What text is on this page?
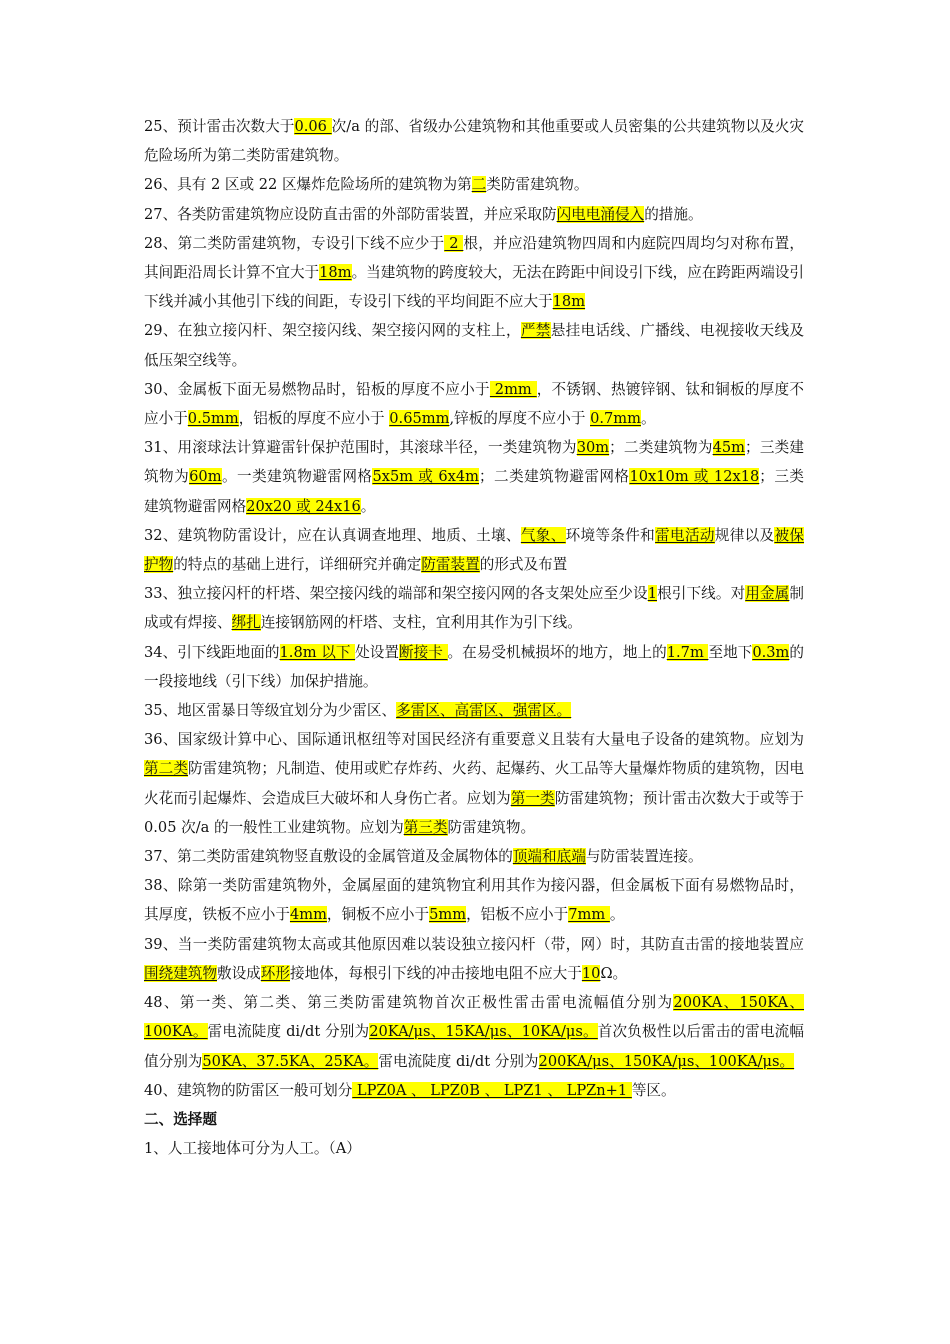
25、预计雷击次数大于0.06 次/a 的部、省级办公建筑物和其他重要或人员密集的公共建筑物以及火灾危险场所为第二类防雷建筑物。

26、具有 2 区或 22 区爆炸危险场所的建筑物为第二类防雷建筑物。

27、各类防雷建筑物应设防直击雷的外部防雷装置，并应采取防闪电电涌侵入的措施。

28、第二类防雷建筑物，专设引下线不应少于 2 根，并应沿建筑物四周和内庭院四周均匀对称布置，其间距沿周长计算不宜大于18m。当建筑物的跨度较大，无法在跨距中间设引下线，应在跨距两端设引下线并减小其他引下线的间距，专设引下线的平均间距不应大于18m

29、在独立接闪杆、架空接闪线、架空接闪网的支柱上，严禁悬挂电话线、广播线、电视接收天线及低压架空线等。

30、金属板下面无易燃物品时，铅板的厚度不应小于 2mm ，不锈钢、热镀锌钢、钛和铜板的厚度不应小于0.5mm，铝板的厚度不应小于 0.65mm,锌板的厚度不应小于 0.7mm。

31、用滚球法计算避雷针保护范围时，其滚球半径，一类建筑物为30m；二类建筑物为45m；三类建筑物为60m。一类建筑物避雷网格5x5m 或 6x4m；二类建筑物避雷网格10x10m 或 12x18；三类建筑物避雷网格20x20 或 24x16。

32、建筑物防雷设计，应在认真调查地理、地质、土壤、气象、环境等条件和雷电活动规律以及被保护物的特点的基础上进行，详细研究并确定防雷装置的形式及布置

33、独立接闪杆的杆塔、架空接闪线的端部和架空接闪网的各支架处应至少设1根引下线。对用金属制成或有焊接、绑扎连接钢筋网的杆塔、支柱，宜利用其作为引下线。

34、引下线距地面的1.8m 以下 处设置断接卡 。在易受机械损坏的地方，地上的1.7m 至地下0.3m的一段接地线（引下线）加保护措施。

35、地区雷暴日等级宜划分为少雷区、多雷区、高雷区、强雷区。

36、国家级计算中心、国际通讯枢纽等对国民经济有重要意义且装有大量电子设备的建筑物。应划为第二类防雷建筑物；凡制造、使用或贮存炸药、火药、起爆药、火工品等大量爆炸物质的建筑物，因电火花而引起爆炸、会造成巨大破坏和人身伤亡者。应划为第一类防雷建筑物；预计雷击次数大于或等于 0.05 次/a 的一般性工业建筑物。应划为第三类防雷建筑物。

37、第二类防雷建筑物竖直敷设的金属管道及金属物体的顶端和底端与防雷装置连接。

38、除第一类防雷建筑物外，金属屋面的建筑物宜利用其作为接闪器，但金属板下面有易燃物品时，其厚度，铁板不应小于4mm，铜板不应小于5mm，铝板不应小于7mm 。

39、当一类防雷建筑物太高或其他原因难以装设独立接闪杆（带，网）时，其防直击雷的接地装置应 围绕建筑物敷设成环形接地体，每根引下线的冲击接地电阻不应大于10Ω。

48、第一类、第二类、第三类防雷建筑物首次正极性雷击雷电流幅值分别为200KA、150KA、100KA。雷电流陡度 di/dt 分别为20KA/μs、15KA/μs、10KA/μs。首次负极性以后雷击的雷电流幅值分别为50KA、37.5KA、25KA。雷电流陡度 di/dt 分别为200KA/μs、150KA/μs、100KA/μs。

40、建筑物的防雷区一般可划分 LPZ0A 、 LPZ0B 、 LPZ1 、 LPZn+1 等区。

二、选择题

1、人工接地体可分为人工。（A）
